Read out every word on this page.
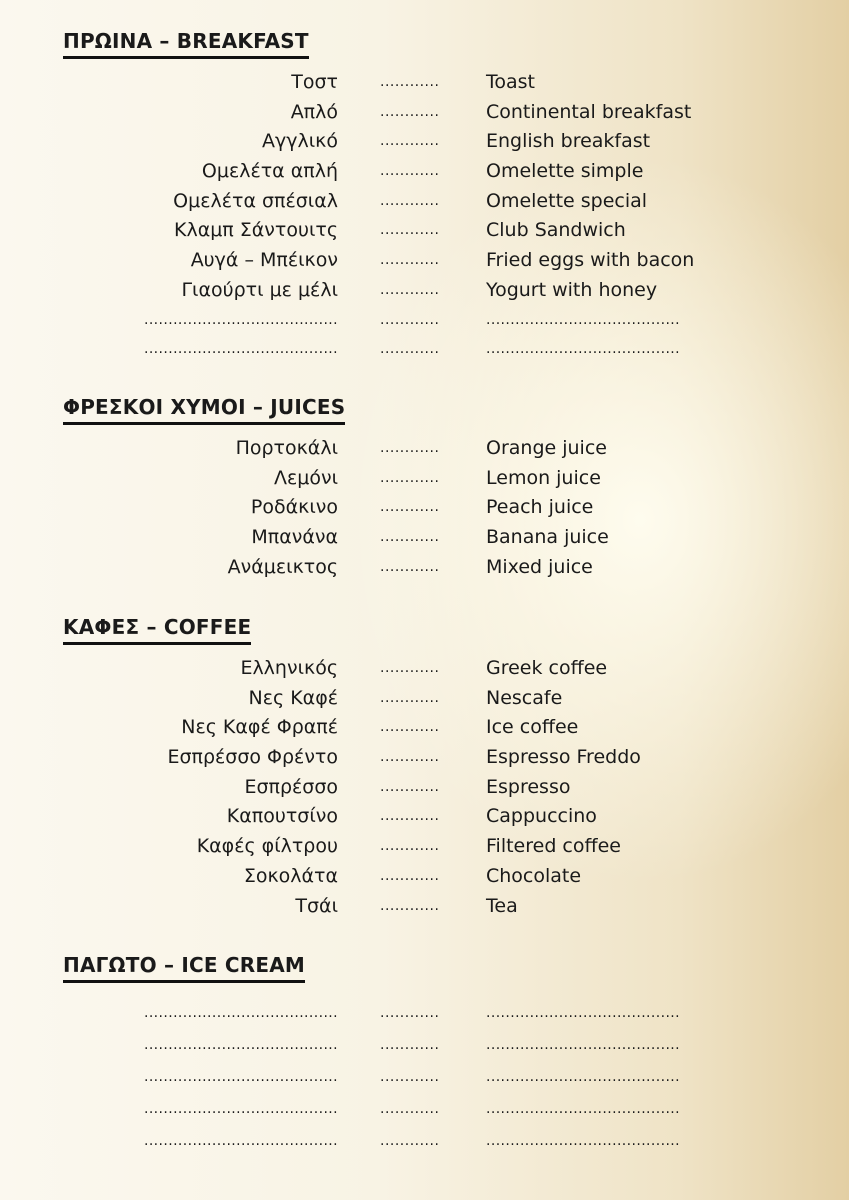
ΠΡΩΙΝΑ – BREAKFAST
Τοστ	............ Toast
Απλό	............ Continental breakfast
Αγγλικό	............ English breakfast
Ομελέτα απλή	............ Omelette simple
Ομελέτα σπέσιαλ	............ Omelette special
Κλαμπ Σάντουιτς	............ Club Sandwich
Αυγά – Μπέικον	............ Fried eggs with bacon
Γιαούρτι με μέλι	............ Yogurt with honey
........................................	............	........................................
........................................	............	........................................
ΦΡΕΣΚΟΙ ΧΥΜΟΙ – JUICES
Πορτοκάλι	............ Orange juice
Λεμόνι	............ Lemon juice
Ροδάκινο	............ Peach juice
Μπανάνα	............ Banana juice
Ανάμεικτος	............ Mixed juice
ΚΑΦΕΣ – COFFEE
Ελληνικός	............ Greek coffee
Νες Καφέ	............ Nescafe
Νες Καφέ Φραπέ	............ Ice coffee
Εσπρέσσο Φρέντο	............ Espresso Freddo
Εσπρέσσο	............ Espresso
Καπουτσίνο	............ Cappuccino
Καφές φίλτρου	............ Filtered coffee
Σοκολάτα	............ Chocolate
Τσάι	............ Tea
ΠΑΓΩΤΟ – ICE CREAM
........................................	............	........................................
........................................	............	........................................
........................................	............	........................................
........................................	............	........................................
........................................	............	........................................
